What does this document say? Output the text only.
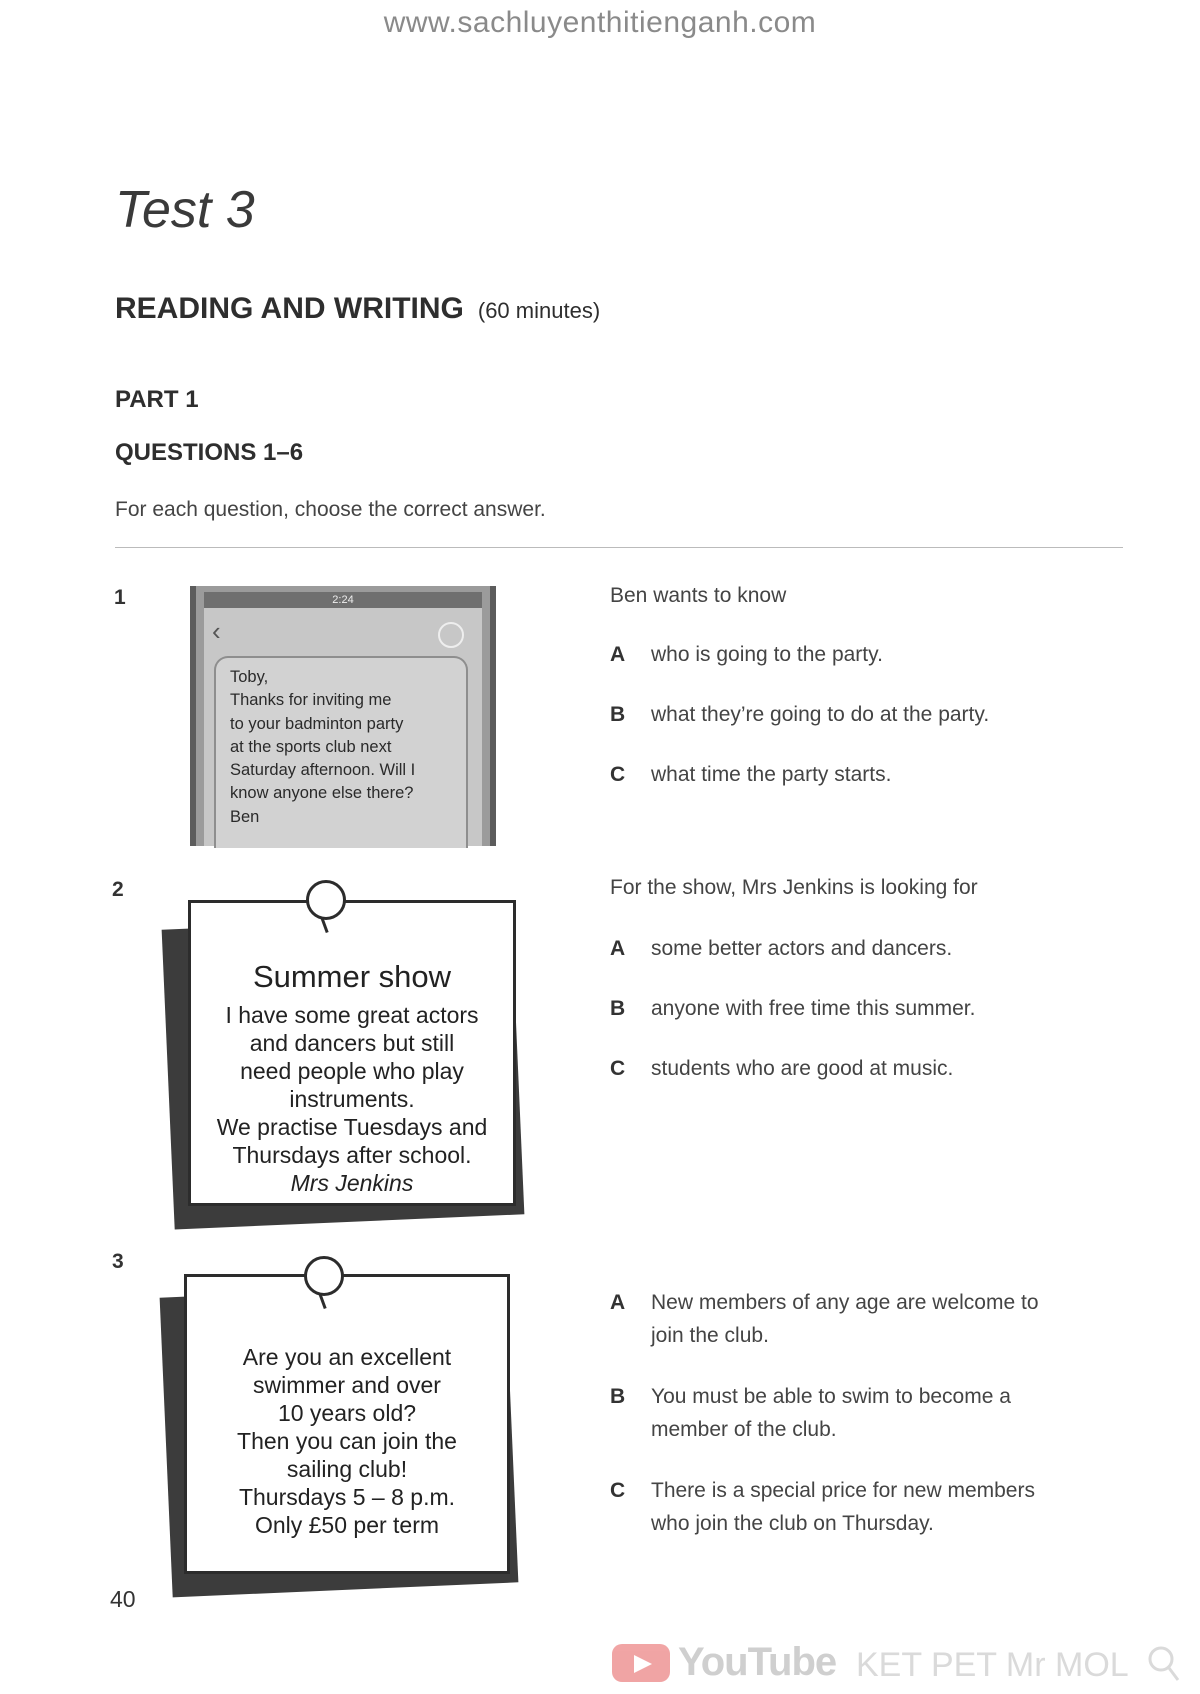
www.sachluyenthitienganh.com
Test 3
READING AND WRITING (60 minutes)
PART 1
QUESTIONS 1–6
For each question, choose the correct answer.
1	2:24
‹
Toby,
Thanks for inviting me
to your badminton party
at the sports club next
Saturday afternoon. Will I
know anyone else there?
Ben
Ben wants to know
A who is going to the party.
B what they’re going to do at the party.
C what time the party starts.
2
Summer show
I have some great actors
and dancers but still
need people who play
instruments.
We practise Tuesdays and
Thursdays after school.
Mrs Jenkins
For the show, Mrs Jenkins is looking for
A some better actors and dancers.
B anyone with free time this summer.
C students who are good at music.
3
Are you an excellent
swimmer and over
10 years old?
Then you can join the
sailing club!
Thursdays 5 – 8 p.m.
Only £50 per term
A New members of any age are welcome to
join the club.
B You must be able to swim to become a
member of the club.
C There is a special price for new members
who join the club on Thursday.
40
YouTube KET PET Mr MOL
